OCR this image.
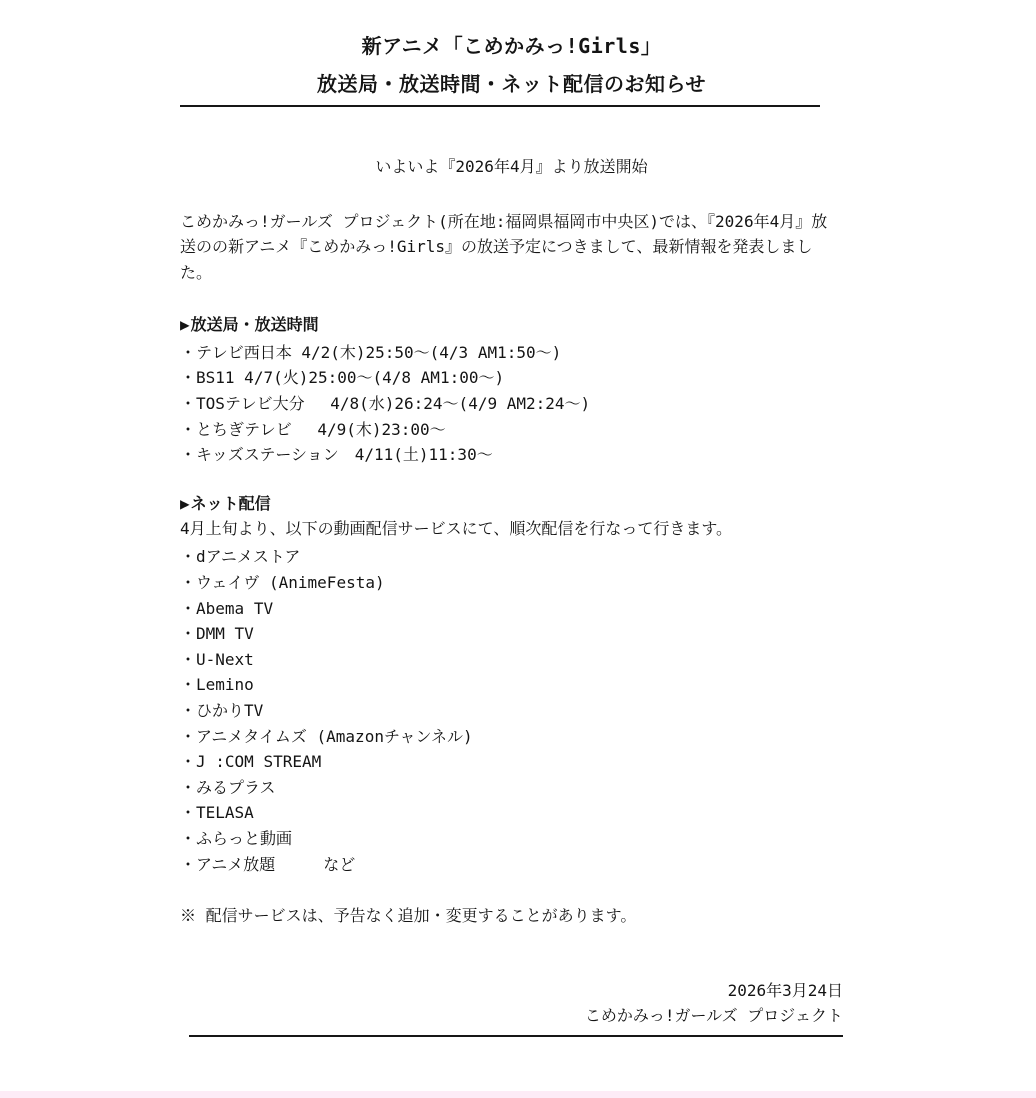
新アニメ「こめかみっ!Girls」
放送局・放送時間・ネット配信のお知らせ
いよいよ『2026年4月』より放送開始

こめかみっ!ガールズ プロジェクト(所在地:福岡県福岡市中央区)では、『2026年4月』放送のの新アニメ『こめかみっ!Girls』の放送予定につきまして、最新情報を発表しました。

▶放送局・放送時間
・テレビ西日本 4/2(木)25:50〜(4/3 AM1:50〜)
・BS11 4/7(火)25:00〜(4/8 AM1:00〜)
・TOSテレビ大分　 4/8(水)26:24〜(4/9 AM2:24〜)
・とちぎテレビ　 4/9(木)23:00〜
・キッズステーション　4/11(土)11:30〜
▶ネット配信
4月上旬より、以下の動画配信サービスにて、順次配信を行なって行きます。
・dアニメストア
・ウェイヴ (AnimeFesta)
・Abema TV
・DMM TV
・U-Next
・Lemino
・ひかりTV
・アニメタイムズ (Amazonチャンネル)
・J :COM STREAM
・みるプラス
・TELASA
・ふらっと動画
・アニメ放題　　　など
※ 配信サービスは、予告なく追加・変更することがあります。
2026年3月24日
こめかみっ!ガールズ プロジェクト
